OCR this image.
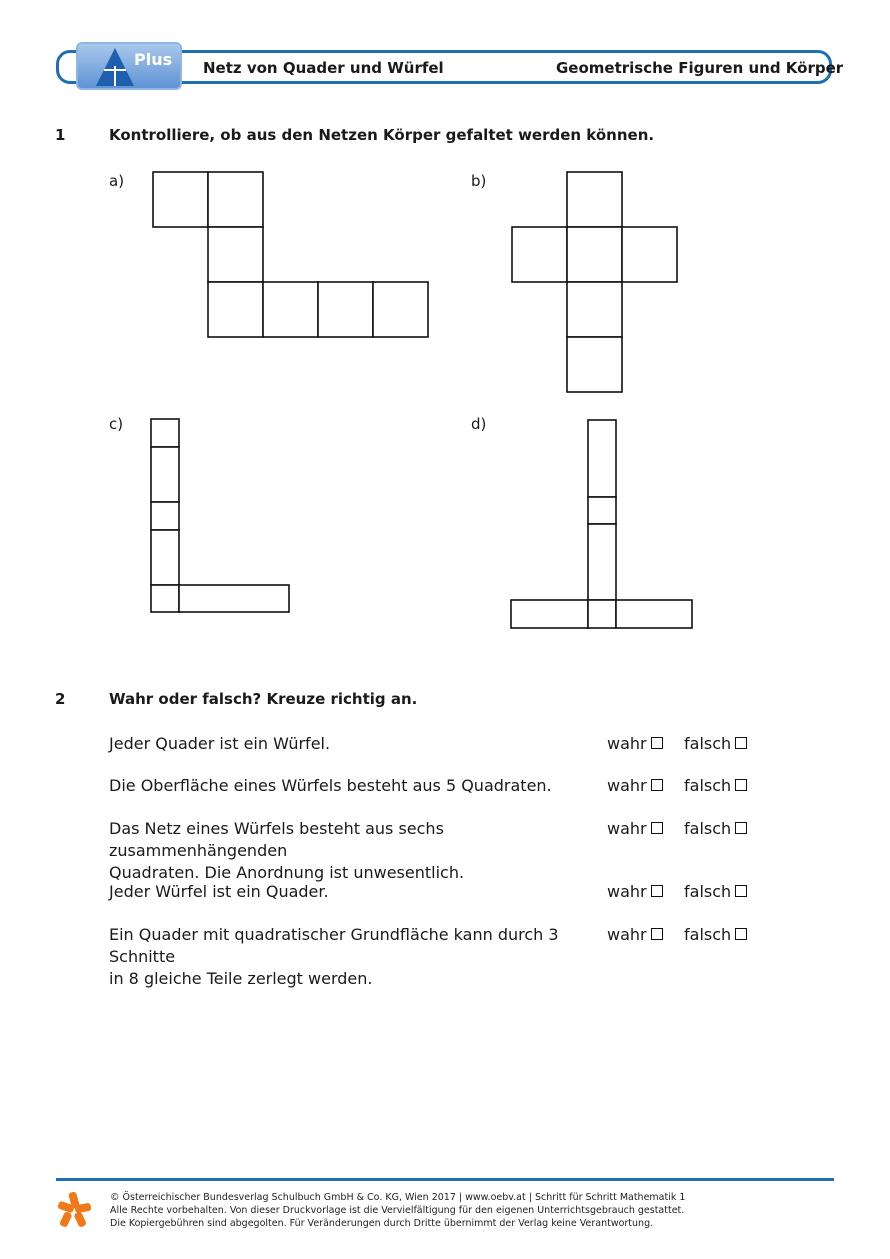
Plus Netz von Quader und Würfel	Geometrische Figuren und Körper
1	Kontrolliere, ob aus den Netzen Körper gefaltet werden können.
a)	b)
c)	d)
2	Wahr oder falsch? Kreuze richtig an.
Jeder Quader ist ein Würfel.	wahr	falsch
Die Oberfläche eines Würfels besteht aus 5 Quadraten.	wahr	falsch
Das Netz eines Würfels besteht aus sechs zusammenhängenden
Quadraten. Die Anordnung ist unwesentlich.
wahr	falsch
Jeder Würfel ist ein Quader.	wahr	falsch
Ein Quader mit quadratischer Grundfläche kann durch 3 Schnitte
in 8 gleiche Teile zerlegt werden.
wahr	falsch
© Österreichischer Bundesverlag Schulbuch GmbH & Co. KG, Wien 2017 | www.oebv.at | Schritt für Schritt Mathematik 1
Alle Rechte vorbehalten. Von dieser Druckvorlage ist die Vervielfältigung für den eigenen Unterrichtsgebrauch gestattet.
Die Kopiergebühren sind abgegolten. Für Veränderungen durch Dritte übernimmt der Verlag keine Verantwortung.
